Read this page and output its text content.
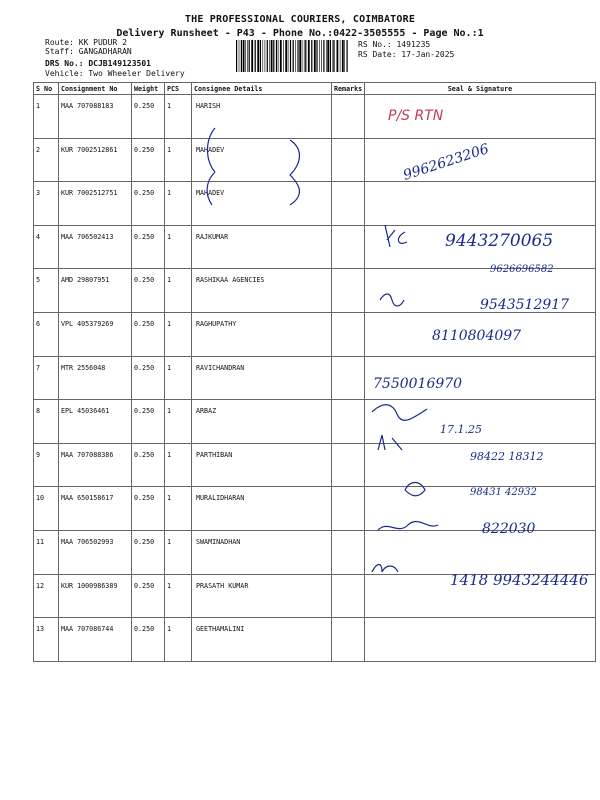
THE PROFESSIONAL COURIERS, COIMBATORE
Delivery Runsheet - P43 - Phone No.:0422-3505555 - Page No.:1
Route: KK PUDUR 2
Staff: GANGADHARAN
DRS No.: DCJB149123501
Vehicle: Two Wheeler Delivery
RS No.: 1491235
RS Date: 17-Jan-2025
S No	Consignment No	Weight	PCS	Consignee Details	Remarks	Seal & Signature
1	MAA 707088183	0.250	1	HARISH		
2	KUR 7002512861	0.250	1	MAHADEV		
3	KUR 7002512751	0.250	1	MAHADEV		
4	MAA 706502413	0.250	1	RAJKUMAR		
5	AMD 29807951	0.250	1	RASHIKAA AGENCIES		
6	VPL 405379269	0.250	1	RAGHUPATHY		
7	MTR 2556048	0.250	1	RAVICHANDRAN		
8	EPL 45036461	0.250	1	ARBAZ		
9	MAA 707088386	0.250	1	PARTHIBAN		
10	MAA 650158617	0.250	1	MURALIDHARAN		
11	MAA 706502993	0.250	1	SWAMINADHAN		
12	KUR 1000986389	0.250	1	PRASATH KUMAR		
13	MAA 707086744	0.250	1	GEETHAMALINI		
P/S RTN
9962623206
9443270065
9626696582
9543512917
8110804097
7550016970
17.1.25
98422 18312
98431 42932
822030
1418 9943244446
